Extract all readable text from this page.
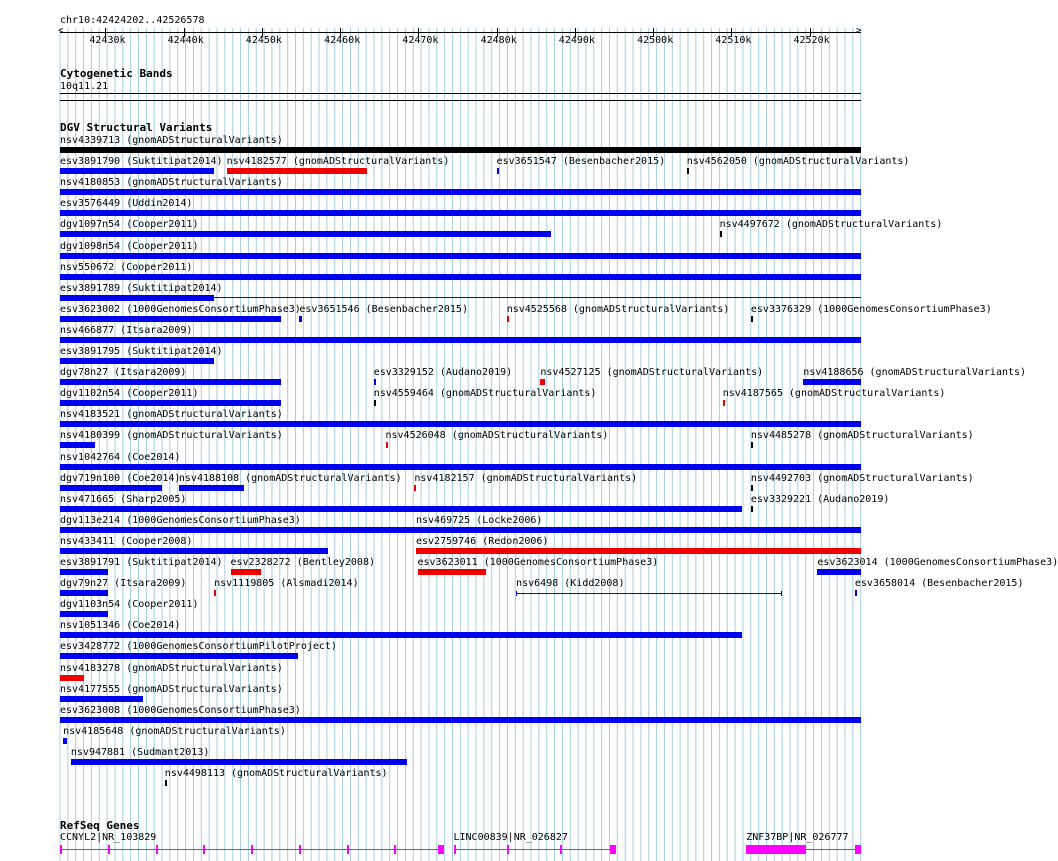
chr10:42424202..42526578
<	>
42430k	42440k	42450k	42460k	42470k	42480k	42490k	42500k	42510k	42520k
Cytogenetic Bands
10q11.21
DGV Structural Variants
nsv4339713 (gnomADStructuralVariants)
esv3891790 (Suktitipat2014) nsv4182577 (gnomADStructuralVariants)	esv3651547 (Besenbacher2015) nsv4562050 (gnomADStructuralVariants)
nsv4180853 (gnomADStructuralVariants)
esv3576449 (Uddin2014)
dgv1097n54 (Cooper2011)	nsv4497672 (gnomADStructuralVariants)
dgv1098n54 (Cooper2011)
nsv550672 (Cooper2011)
esv3891789 (Suktitipat2014)
esv3623002 (1000GenomesConsortiumPhase3)
esv3651546 (Besenbacher2015)	nsv4525568 (gnomADStructuralVariants) esv3376329 (1000GenomesConsortiumPhase3)
nsv466877 (Itsara2009)
esv3891795 (Suktitipat2014)
dgv78n27 (Itsara2009)	esv3329152 (Audano2019)	nsv4527125 (gnomADStructuralVariants)	nsv4188656 (gnomADStructuralVariants)
dgv1102n54 (Cooper2011)	nsv4559464 (gnomADStructuralVariants)	nsv4187565 (gnomADStructuralVariants)
nsv4183521 (gnomADStructuralVariants)
nsv4180399 (gnomADStructuralVariants)	nsv4526048 (gnomADStructuralVariants)	nsv4485278 (gnomADStructuralVariants)
nsv1042764 (Coe2014)
dgv719n100 (Coe2014)
nsv4188108 (gnomADStructuralVariants) nsv4182157 (gnomADStructuralVariants)	nsv4492703 (gnomADStructuralVariants)
nsv471665 (Sharp2005)	esv3329221 (Audano2019)
dgv113e214 (1000GenomesConsortiumPhase3)	nsv469725 (Locke2006)
nsv433411 (Cooper2008)	esv2759746 (Redon2006)
esv3891791 (Suktitipat2014) esv2328272 (Bentley2008)	esv3623011 (1000GenomesConsortiumPhase3)	esv3623014 (1000GenomesConsortiumPhase3)
dgv79n27 (Itsara2009)	nsv1119805 (Alsmadi2014)	nsv6498 (Kidd2008)	esv3658014 (Besenbacher2015)
dgv1103n54 (Cooper2011)
nsv1051346 (Coe2014)
esv3428772 (1000GenomesConsortiumPilotProject)
nsv4183278 (gnomADStructuralVariants)
nsv4177555 (gnomADStructuralVariants)
esv3623008 (1000GenomesConsortiumPhase3)
nsv4185648 (gnomADStructuralVariants)
nsv947881 (Sudmant2013)
nsv4498113 (gnomADStructuralVariants)
RefSeq Genes
CCNYL2|NR_103829	LINC00839|NR_026827	ZNF37BP|NR_026777
